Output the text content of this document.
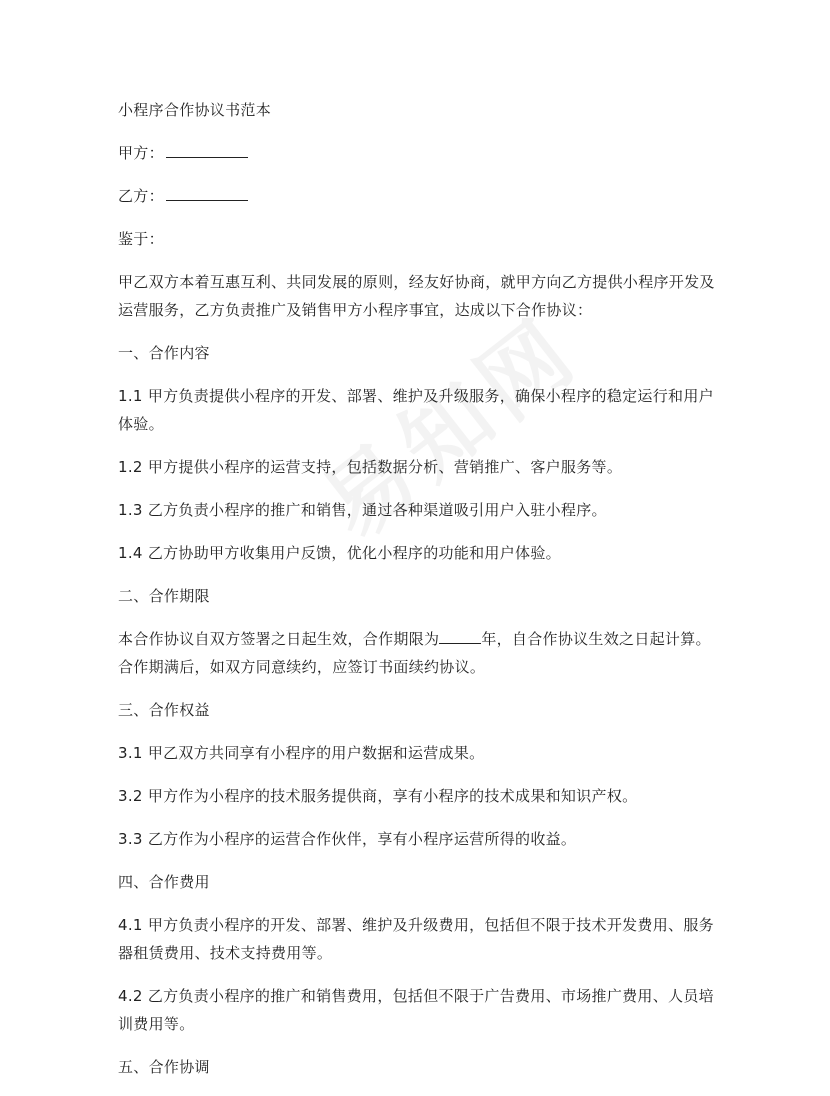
小程序合作协议书范本

甲方：

乙方：

鉴于：

甲乙双方本着互惠互利、共同发展的原则，经友好协商，就甲方向乙方提供小程序开发及运营服务，乙方负责推广及销售甲方小程序事宜，达成以下合作协议：

一、合作内容

1.1 甲方负责提供小程序的开发、部署、维护及升级服务，确保小程序的稳定运行和用户体验。

1.2 甲方提供小程序的运营支持，包括数据分析、营销推广、客户服务等。

1.3 乙方负责小程序的推广和销售，通过各种渠道吸引用户入驻小程序。

1.4 乙方协助甲方收集用户反馈，优化小程序的功能和用户体验。

二、合作期限

本合作协议自双方签署之日起生效，合作期限为	年，自合作协议生效之日起计算。合作期满后，如双方同意续约，应签订书面续约协议。

三、合作权益

3.1 甲乙双方共同享有小程序的用户数据和运营成果。

3.2 甲方作为小程序的技术服务提供商，享有小程序的技术成果和知识产权。

3.3 乙方作为小程序的运营合作伙伴，享有小程序运营所得的收益。

四、合作费用

4.1 甲方负责小程序的开发、部署、维护及升级费用，包括但不限于技术开发费用、服务器租赁费用、技术支持费用等。

4.2 乙方负责小程序的推广和销售费用，包括但不限于广告费用、市场推广费用、人员培训费用等。

五、合作协调
